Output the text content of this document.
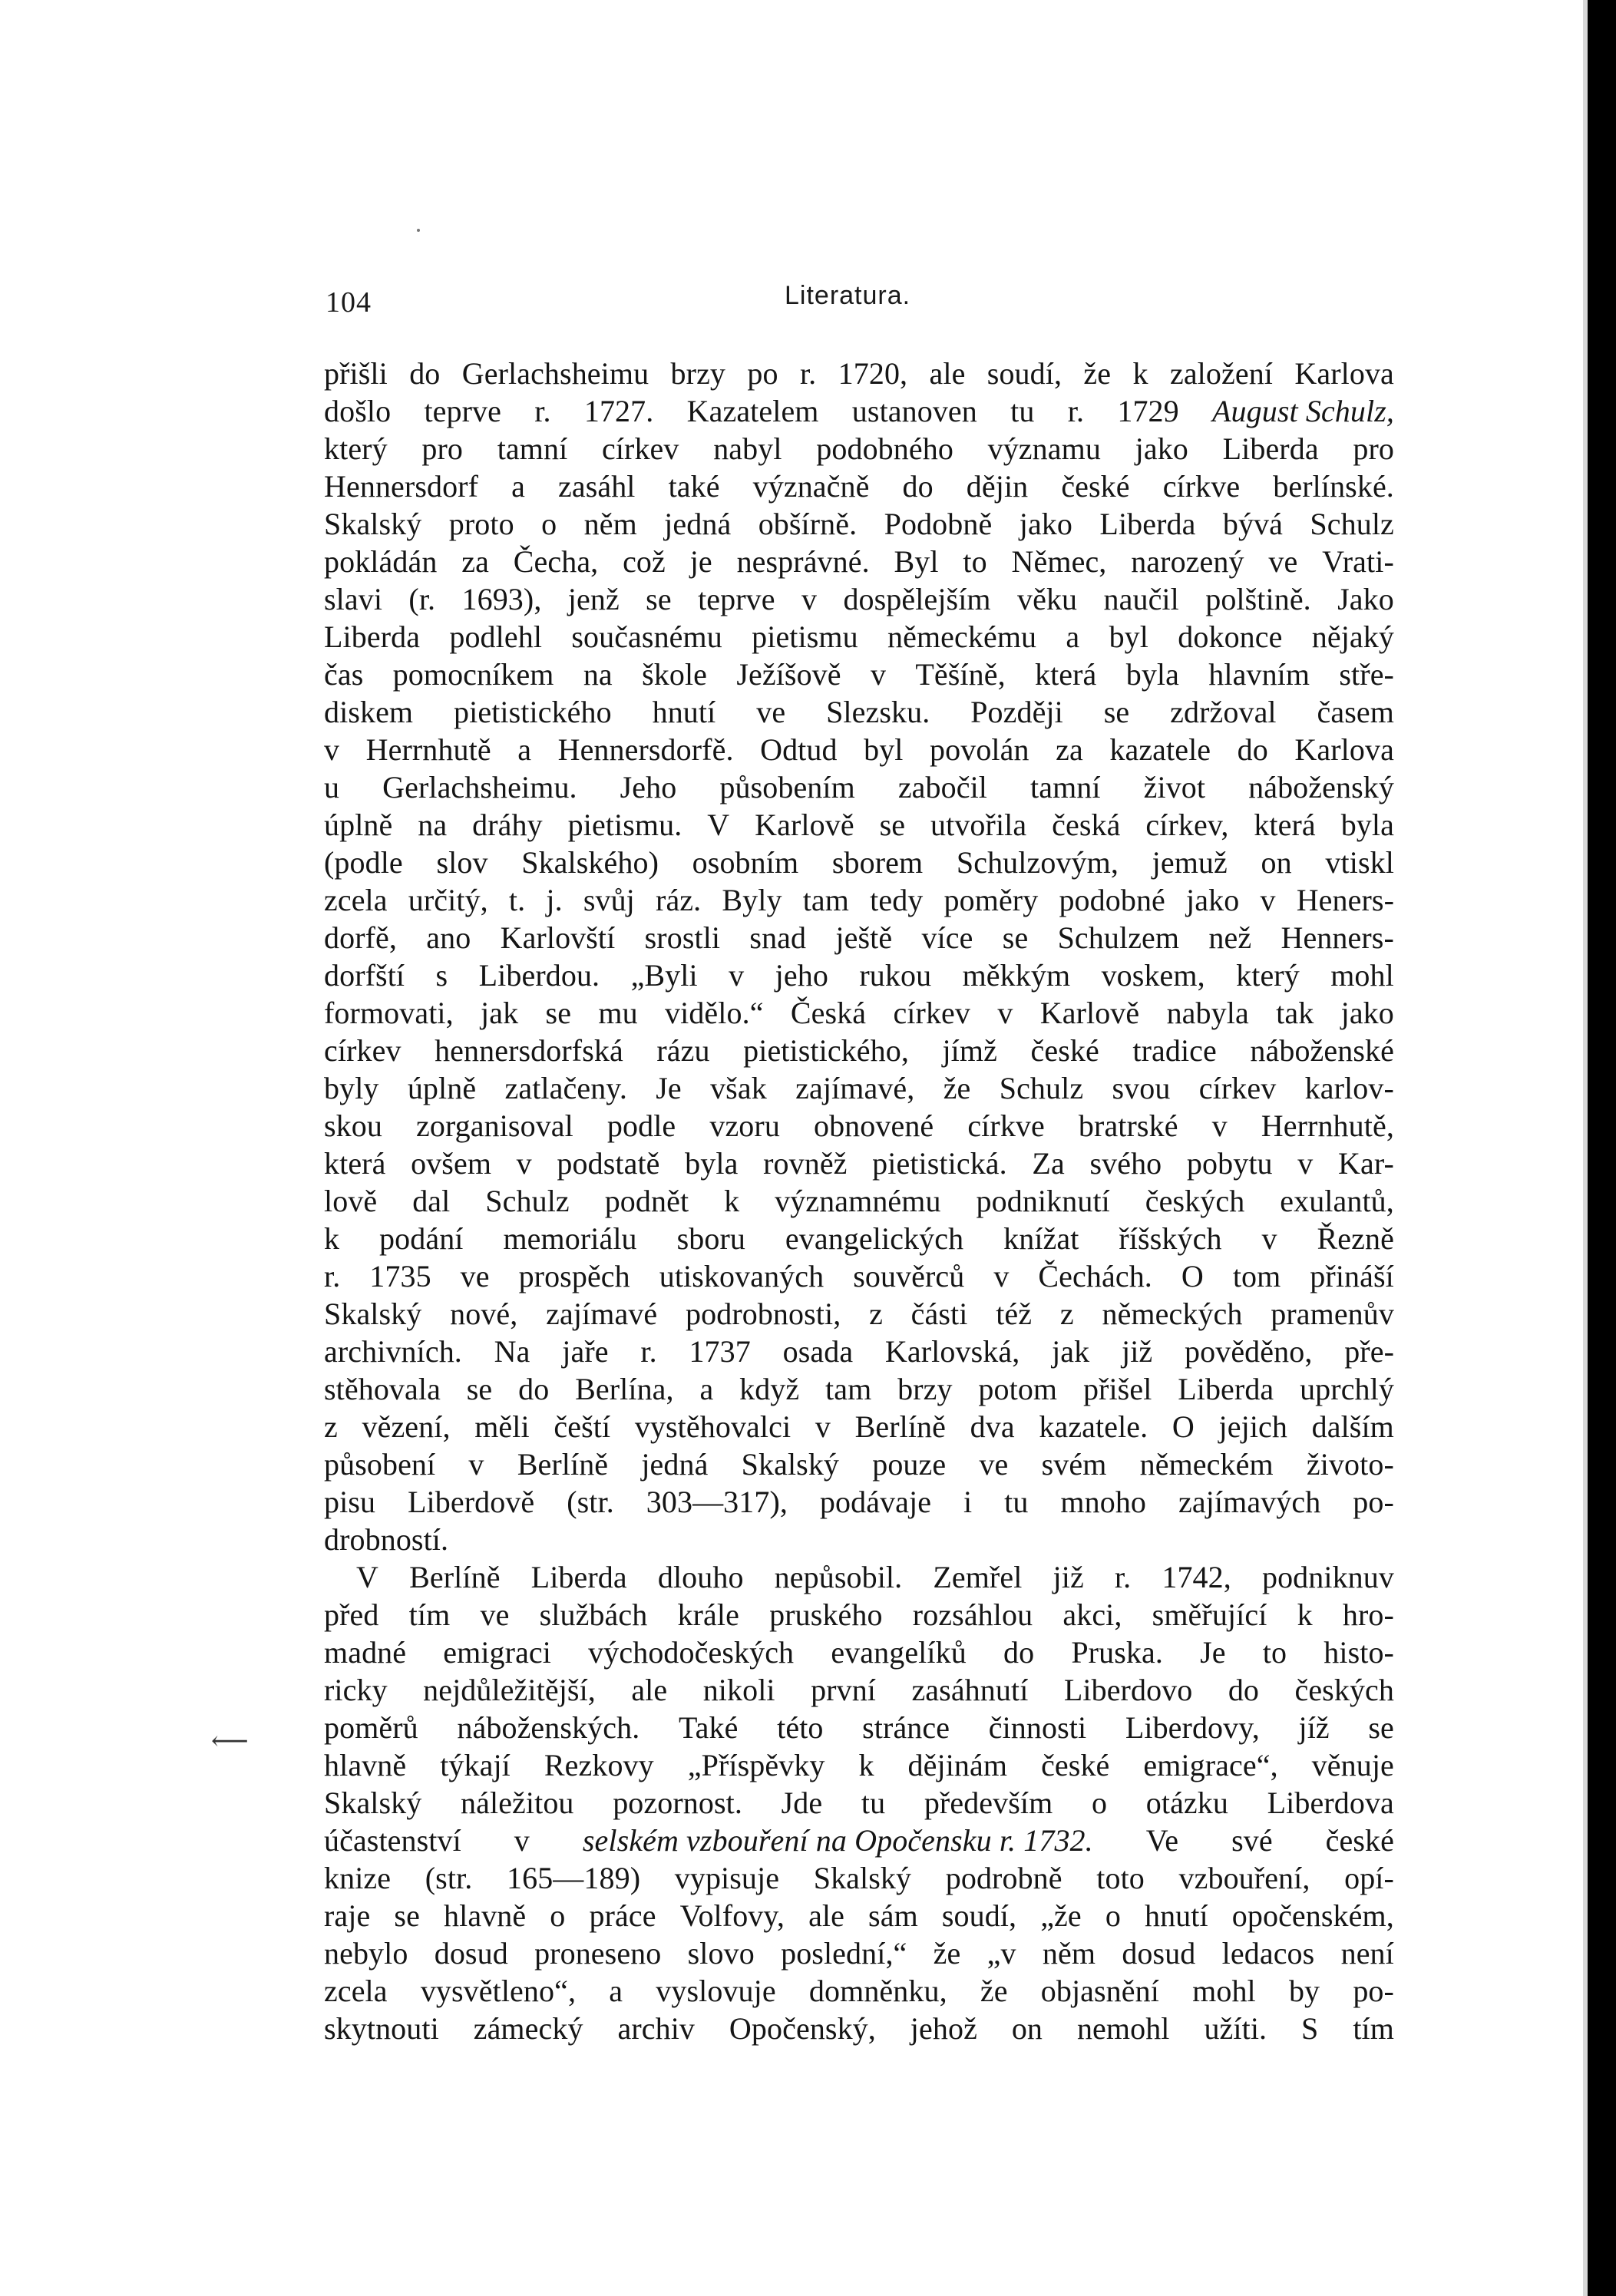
104	Literatura.
přišli do Gerlachsheimu brzy po r. 1720, ale soudí, že k založení Karlova
došlo teprve r. 1727. Kazatelem ustanoven tu r. 1729 August Schulz,
který pro tamní církev nabyl podobného významu jako Liberda pro
Hennersdorf a zasáhl také význačně do dějin české církve berlínské.
Skalský proto o něm jedná obšírně. Podobně jako Liberda bývá Schulz
pokládán za Čecha, což je nesprávné. Byl to Němec, narozený ve Vrati-
slavi (r. 1693), jenž se teprve v dospělejším věku naučil polštině. Jako
Liberda podlehl současnému pietismu německému a byl dokonce nějaký
čas pomocníkem na škole Ježíšově v Těšíně, která byla hlavním stře-
diskem pietistického hnutí ve Slezsku. Později se zdržoval časem
v Herrnhutě a Hennersdorfě. Odtud byl povolán za kazatele do Karlova
u Gerlachsheimu. Jeho působením zabočil tamní život náboženský
úplně na dráhy pietismu. V Karlově se utvořila česká církev, která byla
(podle slov Skalského) osobním sborem Schulzovým, jemuž on vtiskl
zcela určitý, t. j. svůj ráz. Byly tam tedy poměry podobné jako v Heners-
dorfě, ano Karlovští srostli snad ještě více se Schulzem než Henners-
dorfští s Liberdou. „Byli v jeho rukou měkkým voskem, který mohl
formovati, jak se mu vidělo.“ Česká církev v Karlově nabyla tak jako
církev hennersdorfská rázu pietistického, jímž české tradice náboženské
byly úplně zatlačeny. Je však zajímavé, že Schulz svou církev karlov-
skou zorganisoval podle vzoru obnovené církve bratrské v Herrnhutě,
která ovšem v podstatě byla rovněž pietistická. Za svého pobytu v Kar-
lově dal Schulz podnět k významnému podniknutí českých exulantů,
k podání memoriálu sboru evangelických knížat říšských v Řezně
r. 1735 ve prospěch utiskovaných souvěrců v Čechách. O tom přináší
Skalský nové, zajímavé podrobnosti, z části též z německých pramenův
archivních. Na jaře r. 1737 osada Karlovská, jak již pověděno, pře-
stěhovala se do Berlína, a když tam brzy potom přišel Liberda uprchlý
z vězení, měli čeští vystěhovalci v Berlíně dva kazatele. O jejich dalším
působení v Berlíně jedná Skalský pouze ve svém německém životo-
pisu Liberdově (str. 303—317), podávaje i tu mnoho zajímavých po-
drobností.
V Berlíně Liberda dlouho nepůsobil. Zemřel již r. 1742, podniknuv
před tím ve službách krále pruského rozsáhlou akci, směřující k hro-
madné emigraci východočeských evangelíků do Pruska. Je to histo-
ricky nejdůležitější, ale nikoli první zasáhnutí Liberdovo do českých
poměrů náboženských. Také této stránce činnosti Liberdovy, jíž se
hlavně týkají Rezkovy „Příspěvky k dějinám české emigrace“, věnuje
Skalský náležitou pozornost. Jde tu především o otázku Liberdova
účastenství v selském vzbouření na Opočensku r. 1732. Ve své české
knize (str. 165—189) vypisuje Skalský podrobně toto vzbouření, opí-
raje se hlavně o práce Volfovy, ale sám soudí, „že o hnutí opočenském,
nebylo dosud proneseno slovo poslední,“ že „v něm dosud ledacos není
zcela vysvětleno“, a vyslovuje domněnku, že objasnění mohl by po-
skytnouti zámecký archiv Opočenský, jehož on nemohl užíti. S tím
⟵
